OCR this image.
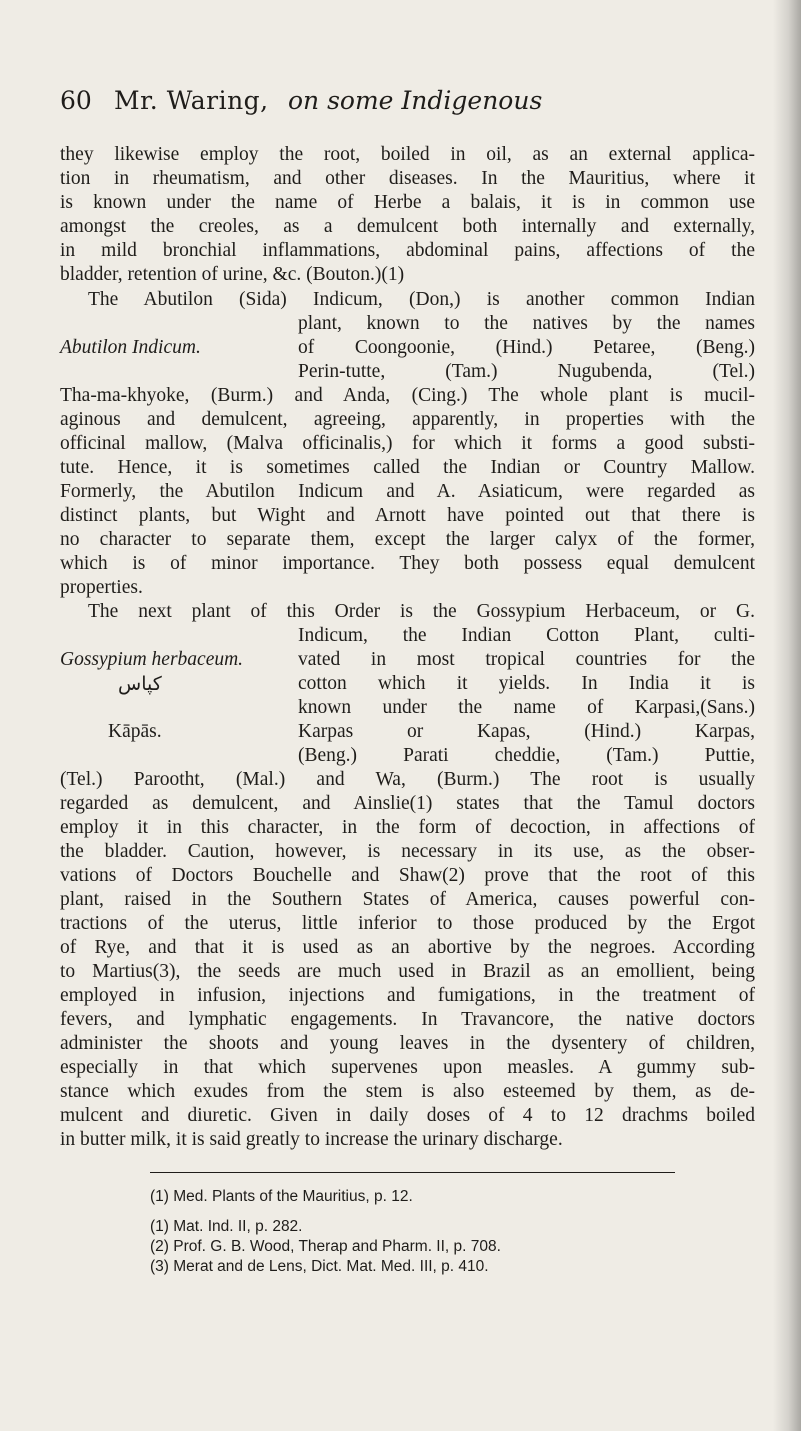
60 Mr. Waring, on some Indigenous
they likewise employ the root, boiled in oil, as an external applica-
tion in rheumatism, and other diseases. In the Mauritius, where it
is known under the name of Herbe a balais, it is in common use
amongst the creoles, as a demulcent both internally and externally,
in mild bronchial inflammations, abdominal pains, affections of the
bladder, retention of urine, &c. (Bouton.)(1)
The Abutilon (Sida) Indicum, (Don,) is another common Indian
plant, known to the natives by the names
of Coongoonie, (Hind.) Petaree, (Beng.)
Perin-tutte, (Tam.) Nugubenda, (Tel.)
Tha-ma-khyoke, (Burm.) and Anda, (Cing.) The whole plant is mucil-
aginous and demulcent, agreeing, apparently, in properties with the
officinal mallow, (Malva officinalis,) for which it forms a good substi-
tute. Hence, it is sometimes called the Indian or Country Mallow.
Formerly, the Abutilon Indicum and A. Asiaticum, were regarded as
distinct plants, but Wight and Arnott have pointed out that there is
no character to separate them, except the larger calyx of the former,
which is of minor importance. They both possess equal demulcent
properties.
The next plant of this Order is the Gossypium Herbaceum, or G.
Indicum, the Indian Cotton Plant, culti-
vated in most tropical countries for the
cotton which it yields. In India it is
known under the name of Karpasi,(Sans.)
Karpas or Kapas, (Hind.) Karpas,
(Beng.) Parati cheddie, (Tam.) Puttie,
(Tel.) Parootht, (Mal.) and Wa, (Burm.) The root is usually
regarded as demulcent, and Ainslie(1) states that the Tamul doctors
employ it in this character, in the form of decoction, in affections of
the bladder. Caution, however, is necessary in its use, as the obser-
vations of Doctors Bouchelle and Shaw(2) prove that the root of this
plant, raised in the Southern States of America, causes powerful con-
tractions of the uterus, little inferior to those produced by the Ergot
of Rye, and that it is used as an abortive by the negroes. According
to Martius(3), the seeds are much used in Brazil as an emollient, being
employed in infusion, injections and fumigations, in the treatment of
fevers, and lymphatic engagements. In Travancore, the native doctors
administer the shoots and young leaves in the dysentery of children,
especially in that which supervenes upon measles. A gummy sub-
stance which exudes from the stem is also esteemed by them, as de-
mulcent and diuretic. Given in daily doses of 4 to 12 drachms boiled
in butter milk, it is said greatly to increase the urinary discharge.
Abutilon Indicum.
Gossypium herbaceum.
كپاس
Kāpās.
(1) Med. Plants of the Mauritius, p. 12.
(1) Mat. Ind. II, p. 282.
(2) Prof. G. B. Wood, Therap and Pharm. II, p. 708.
(3) Merat and de Lens, Dict. Mat. Med. III, p. 410.
